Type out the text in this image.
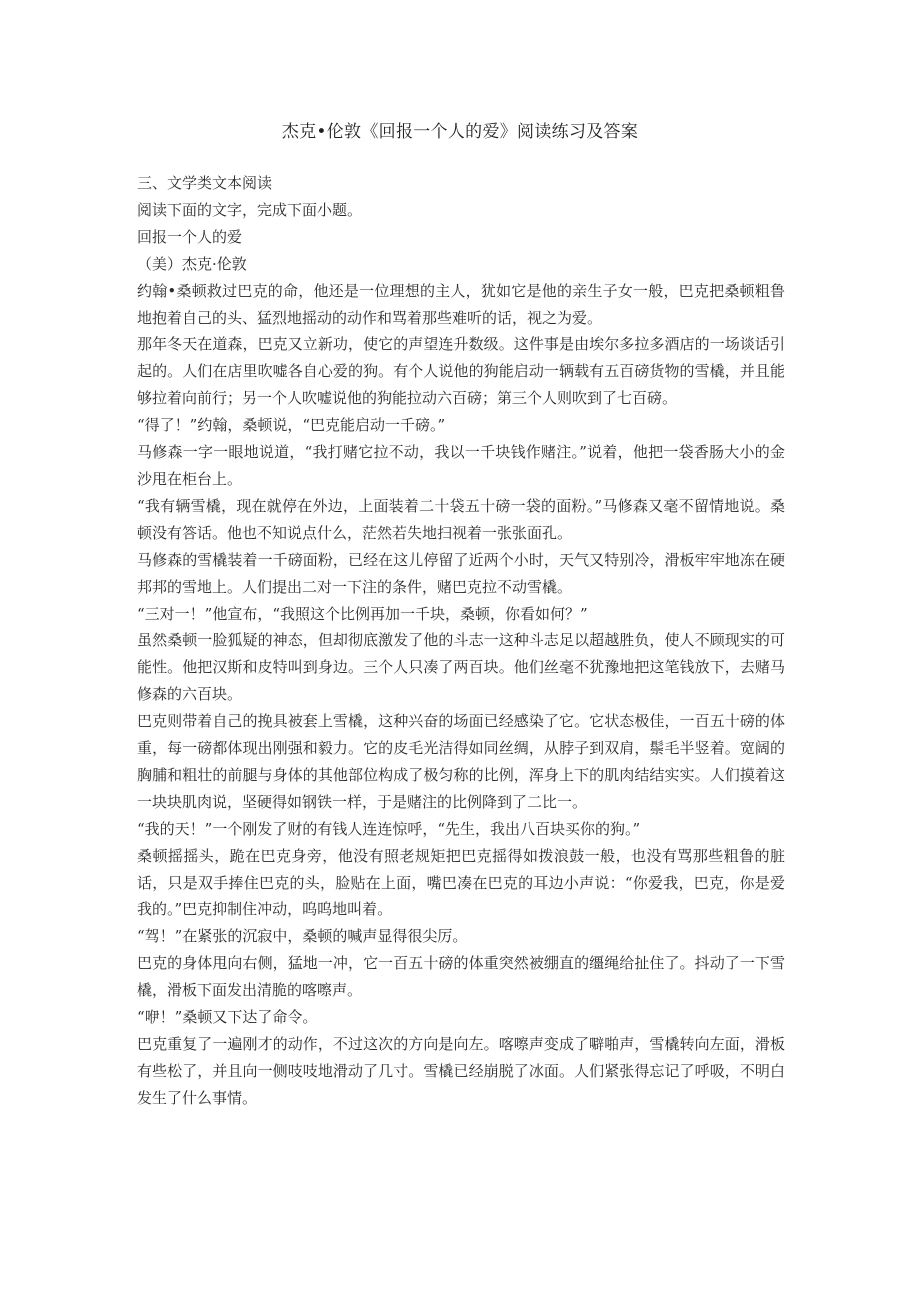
杰克•伦敦《回报一个人的爱》阅读练习及答案

三、文学类文本阅读

阅读下面的文字，完成下面小题。

回报一个人的爱

（美）杰克·伦敦

约翰•桑顿救过巴克的命，他还是一位理想的主人，犹如它是他的亲生子女一般，巴克把桑顿粗鲁地抱着自己的头、猛烈地摇动的动作和骂着那些难听的话，视之为爱。

那年冬天在道森，巴克又立新功，使它的声望连升数级。这件事是由埃尔多拉多酒店的一场谈话引起的。人们在店里吹嘘各自心爱的狗。有个人说他的狗能启动一辆载有五百磅货物的雪橇，并且能够拉着向前行；另一个人吹嘘说他的狗能拉动六百磅；第三个人则吹到了七百磅。

“得了！”约翰，桑顿说，“巴克能启动一千磅。”

马修森一字一眼地说道，“我打赌它拉不动，我以一千块钱作赌注。”说着，他把一袋香肠大小的金沙甩在柜台上。

“我有辆雪橇，现在就停在外边，上面装着二十袋五十磅一袋的面粉。”马修森又毫不留情地说。桑顿没有答话。他也不知说点什么，茫然若失地扫视着一张张面孔。

马修森的雪橇装着一千磅面粉，已经在这儿停留了近两个小时，天气又特别冷，滑板牢牢地冻在硬邦邦的雪地上。人们提出二对一下注的条件，赌巴克拉不动雪橇。

“三对一！”他宣布，“我照这个比例再加一千块，桑顿，你看如何？”

虽然桑顿一脸狐疑的神态，但却彻底激发了他的斗志一这种斗志足以超越胜负，使人不顾现实的可能性。他把汉斯和皮特叫到身边。三个人只凑了两百块。他们丝毫不犹豫地把这笔钱放下，去赌马修森的六百块。

巴克则带着自己的挽具被套上雪橇，这种兴奋的场面已经感染了它。它状态极佳，一百五十磅的体重，每一磅都体现出刚强和毅力。它的皮毛光洁得如同丝绸，从脖子到双肩，鬃毛半竖着。宽阔的胸脯和粗壮的前腿与身体的其他部位构成了极匀称的比例，浑身上下的肌肉结结实实。人们摸着这一块块肌肉说，坚硬得如钢铁一样，于是赌注的比例降到了二比一。

“我的天！”一个刚发了财的有钱人连连惊呼，“先生，我出八百块买你的狗。”

桑顿摇摇头，跪在巴克身旁，他没有照老规矩把巴克摇得如拨浪鼓一般，也没有骂那些粗鲁的脏话，只是双手捧住巴克的头，脸贴在上面，嘴巴凑在巴克的耳边小声说：“你爱我，巴克，你是爱我的。”巴克抑制住冲动，呜呜地叫着。

“驾！”在紧张的沉寂中，桑顿的喊声显得很尖厉。

巴克的身体甩向右侧，猛地一冲，它一百五十磅的体重突然被绷直的缰绳给扯住了。抖动了一下雪橇，滑板下面发出清脆的喀嚓声。

“咿！”桑顿又下达了命令。

巴克重复了一遍刚才的动作，不过这次的方向是向左。喀嚓声变成了噼啪声，雪橇转向左面，滑板有些松了，并且向一侧吱吱地滑动了几寸。雪橇已经崩脱了冰面。人们紧张得忘记了呼吸，不明白发生了什么事情。
